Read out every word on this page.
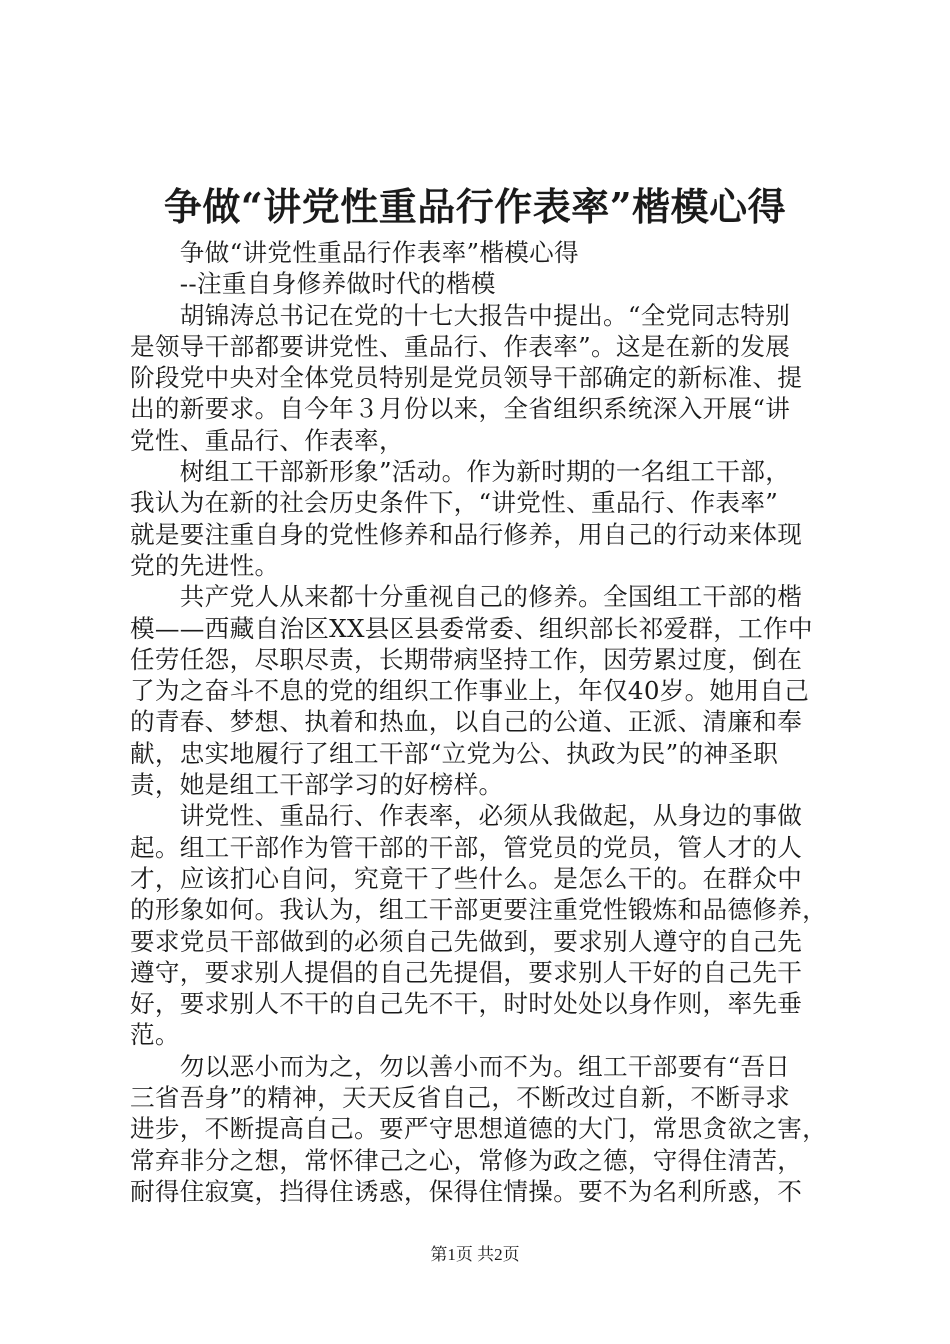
争做“讲党性重品行作表率”楷模心得
　　争做“讲党性重品行作表率”楷模心得
　　--注重自身修养做时代的楷模
　　胡锦涛总书记在党的十七大报告中提出。“全党同志特别
是领导干部都要讲党性、重品行、作表率”。这是在新的发展
阶段党中央对全体党员特别是党员领导干部确定的新标准、提
出的新要求。自今年３月份以来，全省组织系统深入开展“讲
党性、重品行、作表率，
　　树组工干部新形象”活动。作为新时期的一名组工干部，
我认为在新的社会历史条件下，“讲党性、重品行、作表率”
就是要注重自身的党性修养和品行修养，用自己的行动来体现
党的先进性。
　　共产党人从来都十分重视自己的修养。全国组工干部的楷
模——西藏自治区XX县区县委常委、组织部长祁爱群，工作中
任劳任怨，尽职尽责，长期带病坚持工作，因劳累过度，倒在
了为之奋斗不息的党的组织工作事业上，年仅40岁。她用自己
的青春、梦想、执着和热血，以自己的公道、正派、清廉和奉
献，忠实地履行了组工干部“立党为公、执政为民”的神圣职
责，她是组工干部学习的好榜样。
　　讲党性、重品行、作表率，必须从我做起，从身边的事做
起。组工干部作为管干部的干部，管党员的党员，管人才的人
才，应该扪心自问，究竟干了些什么。是怎么干的。在群众中
的形象如何。我认为，组工干部更要注重党性锻炼和品德修养，
要求党员干部做到的必须自己先做到，要求别人遵守的自己先
遵守，要求别人提倡的自己先提倡，要求别人干好的自己先干
好，要求别人不干的自己先不干，时时处处以身作则，率先垂
范。
　　勿以恶小而为之，勿以善小而不为。组工干部要有“吾日
三省吾身”的精神，天天反省自己，不断改过自新，不断寻求
进步，不断提高自己。要严守思想道德的大门，常思贪欲之害，
常弃非分之想，常怀律己之心，常修为政之德，守得住清苦，
耐得住寂寞，挡得住诱惑，保得住情操。要不为名利所惑，不
第1页 共2页
